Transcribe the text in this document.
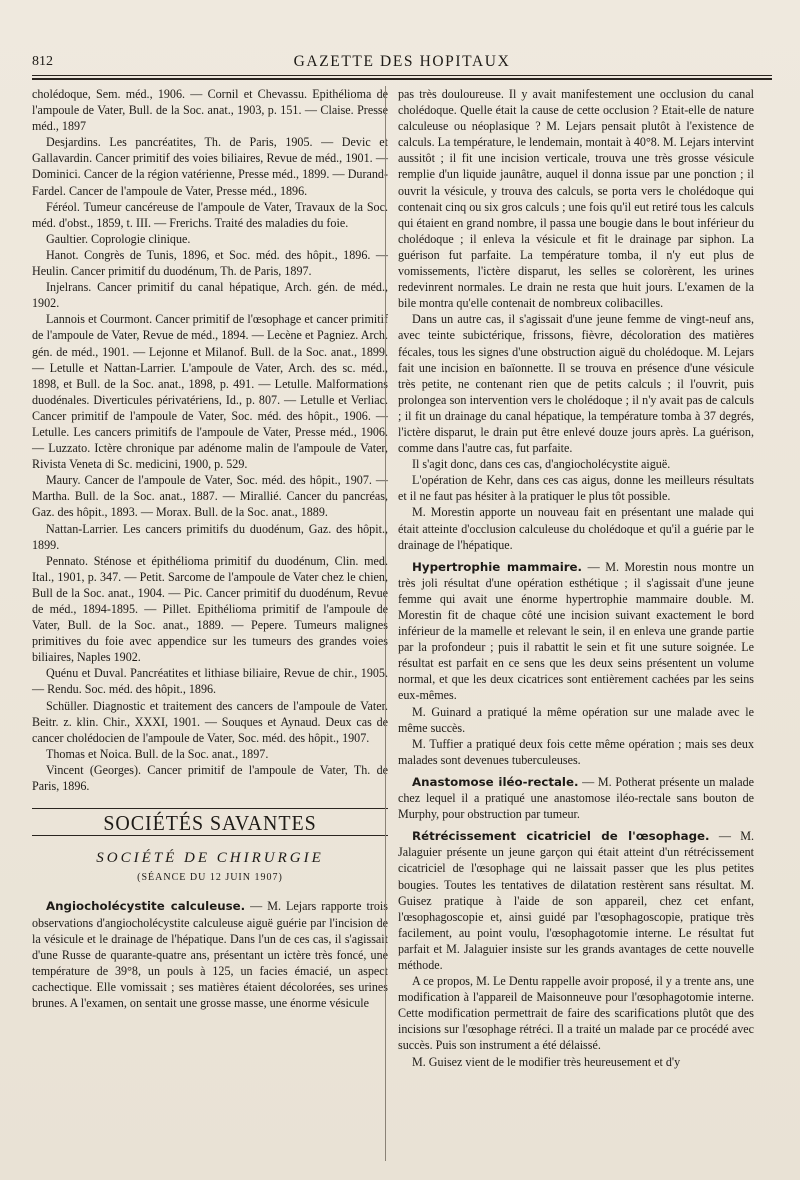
812	GAZETTE DES HOPITAUX

cholédoque, Sem. méd., 1906. — Cornil et Chevassu. Epithélioma de l'ampoule de Vater, Bull. de la Soc. anat., 1903, p. 151. — Claise. Presse méd., 1897

Desjardins. Les pancréatites, Th. de Paris, 1905. — Devic et Gallavardin. Cancer primitif des voies biliaires, Revue de méd., 1901. — Dominici. Cancer de la région vatérienne, Presse méd., 1899. — Durand-Fardel. Cancer de l'ampoule de Vater, Presse méd., 1896.

Féréol. Tumeur cancéreuse de l'ampoule de Vater, Travaux de la Soc. méd. d'obst., 1859, t. III. — Frerichs. Traité des maladies du foie.

Gaultier. Coprologie clinique.

Hanot. Congrès de Tunis, 1896, et Soc. méd. des hôpit., 1896. — Heulin. Cancer primitif du duodénum, Th. de Paris, 1897.

Injelrans. Cancer primitif du canal hépatique, Arch. gén. de méd., 1902.

Lannois et Courmont. Cancer primitif de l'œsophage et cancer primitif de l'ampoule de Vater, Revue de méd., 1894. — Lecène et Pagniez. Arch. gén. de méd., 1901. — Lejonne et Milanof. Bull. de la Soc. anat., 1899. — Letulle et Nattan-Larrier. L'ampoule de Vater, Arch. des sc. méd., 1898, et Bull. de la Soc. anat., 1898, p. 491. — Letulle. Malformations duodénales. Diverticules périvatériens, Id., p. 807. — Letulle et Verliac. Cancer primitif de l'ampoule de Vater, Soc. méd. des hôpit., 1906. — Letulle. Les cancers primitifs de l'ampoule de Vater, Presse méd., 1906. — Luzzato. Ictère chronique par adénome malin de l'ampoule de Vater, Rivista Veneta di Sc. medicini, 1900, p. 529.

Maury. Cancer de l'ampoule de Vater, Soc. méd. des hôpit., 1907. — Martha. Bull. de la Soc. anat., 1887. — Mirallié. Cancer du pancréas, Gaz. des hôpit., 1893. — Morax. Bull. de la Soc. anat., 1889.

Nattan-Larrier. Les cancers primitifs du duodénum, Gaz. des hôpit., 1899.

Pennato. Sténose et épithélioma primitif du duodénum, Clin. med. Ital., 1901, p. 347. — Petit. Sarcome de l'ampoule de Vater chez le chien, Bull de la Soc. anat., 1904. — Pic. Cancer primitif du duodénum, Revue de méd., 1894-1895. — Pillet. Epithélioma primitif de l'ampoule de Vater, Bull. de la Soc. anat., 1889. — Pepere. Tumeurs malignes primitives du foie avec appendice sur les tumeurs des grandes voies biliaires, Naples 1902.

Quénu et Duval. Pancréatites et lithiase biliaire, Revue de chir., 1905. — Rendu. Soc. méd. des hôpit., 1896.

Schüller. Diagnostic et traitement des cancers de l'ampoule de Vater. Beitr. z. klin. Chir., XXXI, 1901. — Souques et Aynaud. Deux cas de cancer cholédocien de l'ampoule de Vater, Soc. méd. des hôpit., 1907.

Thomas et Noica. Bull. de la Soc. anat., 1897.

Vincent (Georges). Cancer primitif de l'ampoule de Vater, Th. de Paris, 1896.

SOCIÉTÉS SAVANTES
SOCIÉTÉ DE CHIRURGIE
(SÉANCE DU 12 JUIN 1907)

Angiocholécystite calculeuse. — M. Lejars rapporte trois observations d'angiocholécystite calculeuse aiguë guérie par l'incision de la vésicule et le drainage de l'hépatique. Dans l'un de ces cas, il s'agissait d'une Russe de quarante-quatre ans, présentant un ictère très foncé, une température de 39°8, un pouls à 125, un facies émacié, un aspect cachectique. Elle vomissait ; ses matières étaient décolorées, ses urines brunes. A l'examen, on sentait une grosse masse, une énorme vésicule

pas très douloureuse. Il y avait manifestement une occlusion du canal cholédoque. Quelle était la cause de cette occlusion ? Etait-elle de nature calculeuse ou néoplasique ? M. Lejars pensait plutôt à l'existence de calculs. La température, le lendemain, montait à 40°8. M. Lejars intervint aussitôt ; il fit une incision verticale, trouva une très grosse vésicule remplie d'un liquide jaunâtre, auquel il donna issue par une ponction ; il ouvrit la vésicule, y trouva des calculs, se porta vers le cholédoque qui contenait cinq ou six gros calculs ; une fois qu'il eut retiré tous les calculs qui étaient en grand nombre, il passa une bougie dans le bout inférieur du cholédoque ; il enleva la vésicule et fit le drainage par siphon. La guérison fut parfaite. La température tomba, il n'y eut plus de vomissements, l'ictère disparut, les selles se colorèrent, les urines redevinrent normales. Le drain ne resta que huit jours. L'examen de la bile montra qu'elle contenait de nombreux colibacilles.

Dans un autre cas, il s'agissait d'une jeune femme de vingt-neuf ans, avec teinte subictérique, frissons, fièvre, décoloration des matières fécales, tous les signes d'une obstruction aiguë du cholédoque. M. Lejars fait une incision en baïonnette. Il se trouva en présence d'une vésicule très petite, ne contenant rien que de petits calculs ; il l'ouvrit, puis prolongea son intervention vers le cholédoque ; il n'y avait pas de calculs ; il fit un drainage du canal hépatique, la température tomba à 37 degrés, l'ictère disparut, le drain put être enlevé douze jours après. La guérison, comme dans l'autre cas, fut parfaite.

Il s'agit donc, dans ces cas, d'angiocholécystite aiguë.

L'opération de Kehr, dans ces cas aigus, donne les meilleurs résultats et il ne faut pas hésiter à la pratiquer le plus tôt possible.

M. Morestin apporte un nouveau fait en présentant une malade qui était atteinte d'occlusion calculeuse du cholédoque et qu'il a guérie par le drainage de l'hépatique.

Hypertrophie mammaire. — M. Morestin nous montre un très joli résultat d'une opération esthétique ; il s'agissait d'une jeune femme qui avait une énorme hypertrophie mammaire double. M. Morestin fit de chaque côté une incision suivant exactement le bord inférieur de la mamelle et relevant le sein, il en enleva une grande partie par la profondeur ; puis il rabattit le sein et fit une suture soignée. Le résultat est parfait en ce sens que les deux seins présentent un volume normal, et que les deux cicatrices sont entièrement cachées par les seins eux-mêmes.

M. Guinard a pratiqué la même opération sur une malade avec le même succès.

M. Tuffier a pratiqué deux fois cette même opération ; mais ses deux malades sont devenues tuberculeuses.

Anastomose iléo-rectale. — M. Potherat présente un malade chez lequel il a pratiqué une anastomose iléo-rectale sans bouton de Murphy, pour obstruction par tumeur.

Rétrécissement cicatriciel de l'œsophage. — M. Jalaguier présente un jeune garçon qui était atteint d'un rétrécissement cicatriciel de l'œsophage qui ne laissait passer que les plus petites bougies. Toutes les tentatives de dilatation restèrent sans résultat. M. Guisez pratique à l'aide de son appareil, chez cet enfant, l'œsophagoscopie et, ainsi guidé par l'œsophagoscopie, pratique très facilement, au point voulu, l'œsophagotomie interne. Le résultat fut parfait et M. Jalaguier insiste sur les grands avantages de cette nouvelle méthode.

A ce propos, M. Le Dentu rappelle avoir proposé, il y a trente ans, une modification à l'appareil de Maisonneuve pour l'œsophagotomie interne. Cette modification permettrait de faire des scarifications plutôt que des incisions sur l'œsophage rétréci. Il a traité un malade par ce procédé avec succès. Puis son instrument a été délaissé.

M. Guisez vient de le modifier très heureusement et d'y
